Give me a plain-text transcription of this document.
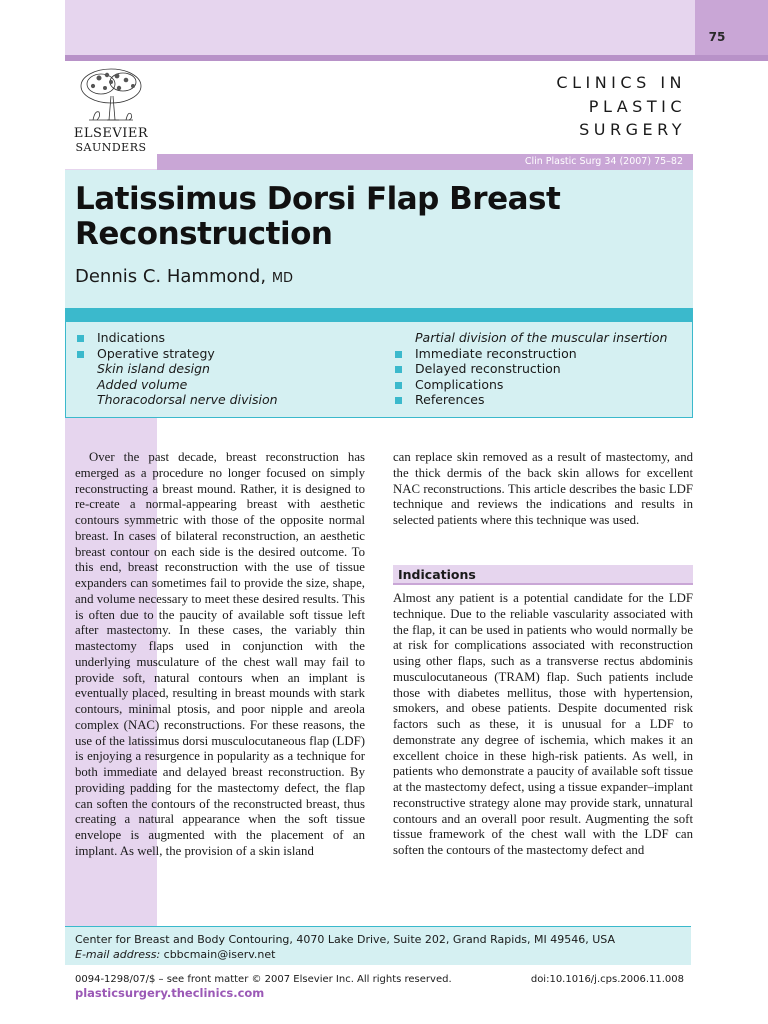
75
ELSEVIER
SAUNDERS
CLINICS IN
PLASTIC
SURGERY
Clin Plastic Surg 34 (2007) 75–82
Latissimus Dorsi Flap Breast
Reconstruction
Dennis C. Hammond, MD
Indications
Operative strategy
Skin island design
Added volume
Thoracodorsal nerve division
Partial division of the muscular insertion
Immediate reconstruction
Delayed reconstruction
Complications
References

Over the past decade, breast reconstruction has emerged as a procedure no longer focused on simply reconstructing a breast mound. Rather, it is designed to re-create a normal-appearing breast with aesthetic contours symmetric with those of the opposite normal breast. In cases of bilateral reconstruction, an aesthetic breast contour on each side is the desired outcome. To this end, breast reconstruction with the use of tissue expanders can sometimes fail to provide the size, shape, and volume necessary to meet these desired results. This is often due to the paucity of available soft tissue left after mastectomy. In these cases, the variably thin mastectomy flaps used in conjunction with the underlying musculature of the chest wall may fail to provide soft, natural contours when an implant is eventually placed, resulting in breast mounds with stark contours, minimal ptosis, and poor nipple and areola complex (NAC) reconstructions. For these reasons, the use of the latissimus dorsi musculocutaneous flap (LDF) is enjoying a resurgence in popularity as a technique for both immediate and delayed breast reconstruction. By providing padding for the mastectomy defect, the flap can soften the contours of the reconstructed breast, thus creating a natural appearance when the soft tissue envelope is augmented with the placement of an implant. As well, the provision of a skin island

can replace skin removed as a result of mastectomy, and the thick dermis of the back skin allows for excellent NAC reconstructions. This article describes the basic LDF technique and reviews the indications and results in selected patients where this technique was used.

Indications

Almost any patient is a potential candidate for the LDF technique. Due to the reliable vascularity associated with the flap, it can be used in patients who would normally be at risk for complications associated with reconstruction using other flaps, such as a transverse rectus abdominis musculocutaneous (TRAM) flap. Such patients include those with diabetes mellitus, those with hypertension, smokers, and obese patients. Despite documented risk factors such as these, it is unusual for a LDF to demonstrate any degree of ischemia, which makes it an excellent choice in these high-risk patients. As well, in patients who demonstrate a paucity of available soft tissue at the mastectomy defect, using a tissue expander–implant reconstructive strategy alone may provide stark, unnatural contours and an overall poor result. Augmenting the soft tissue framework of the chest wall with the LDF can soften the contours of the mastectomy defect and

Center for Breast and Body Contouring, 4070 Lake Drive, Suite 202, Grand Rapids, MI 49546, USA
E-mail address: cbbcmain@iserv.net
0094-1298/07/$ – see front matter © 2007 Elsevier Inc. All rights reserved.	doi:10.1016/j.cps.2006.11.008
plasticsurgery.theclinics.com
